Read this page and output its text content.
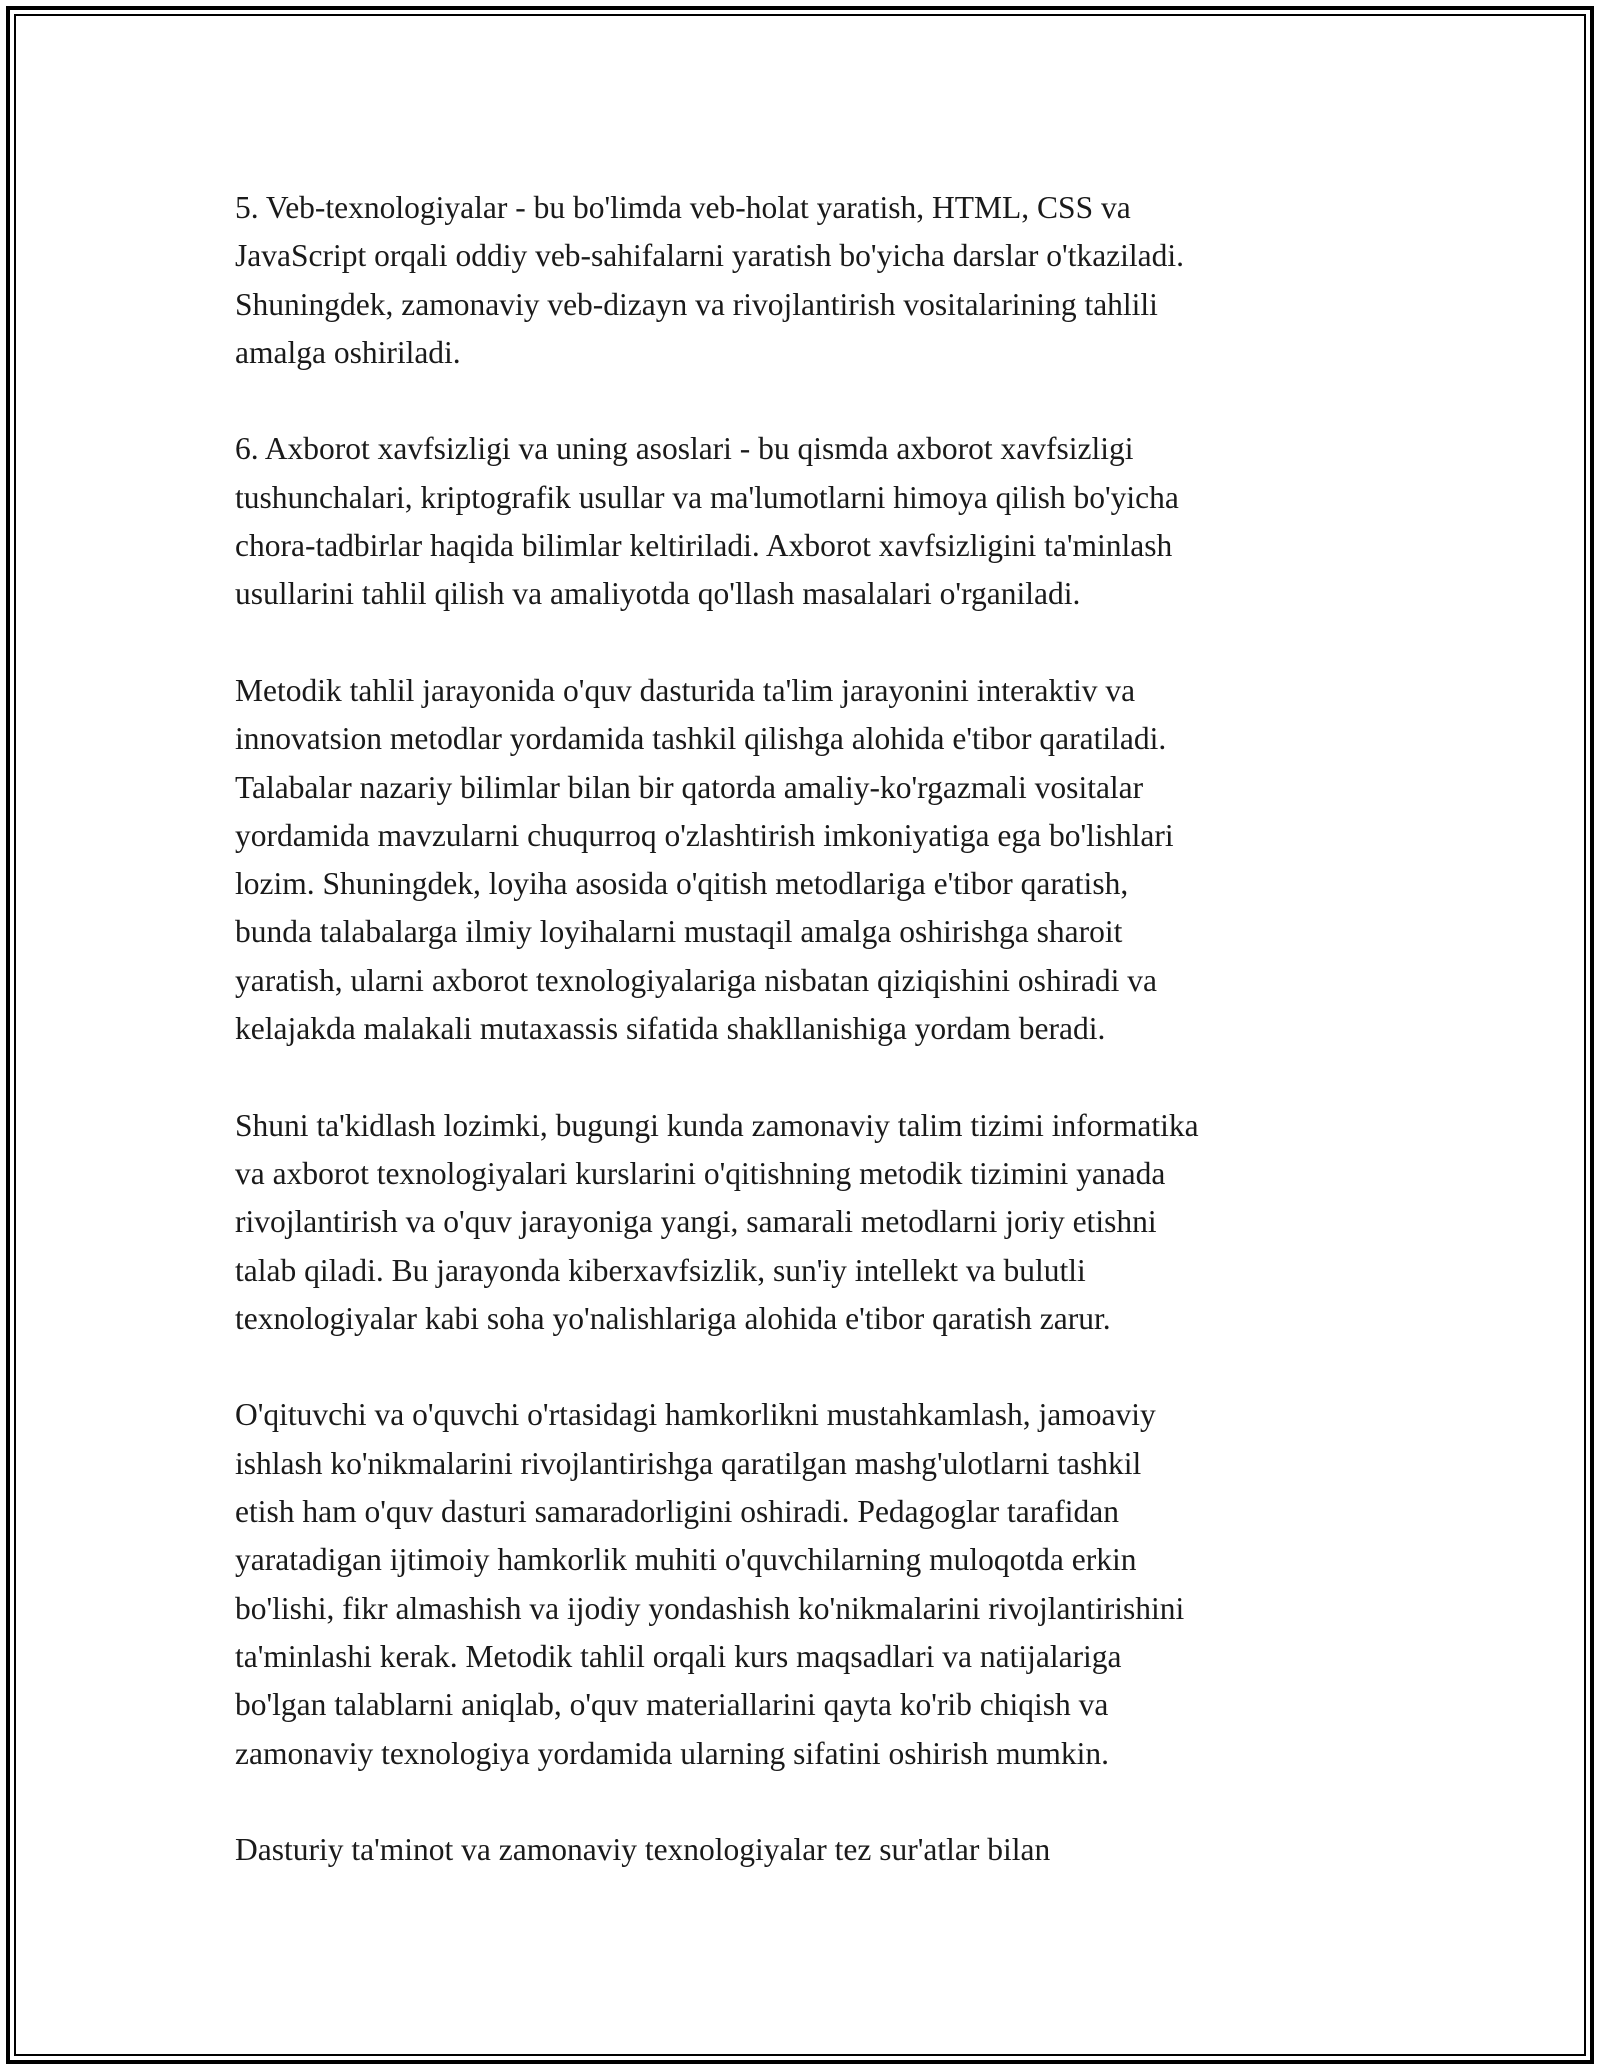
5. Veb-texnologiyalar - bu bo'limda veb-holat yaratish, HTML, CSS va
JavaScript orqali oddiy veb-sahifalarni yaratish bo'yicha darslar o'tkaziladi.
Shuningdek, zamonaviy veb-dizayn va rivojlantirish vositalarining tahlili
amalga oshiriladi.

6. Axborot xavfsizligi va uning asoslari - bu qismda axborot xavfsizligi
tushunchalari, kriptografik usullar va ma'lumotlarni himoya qilish bo'yicha
chora-tadbirlar haqida bilimlar keltiriladi. Axborot xavfsizligini ta'minlash
usullarini tahlil qilish va amaliyotda qo'llash masalalari o'rganiladi.

Metodik tahlil jarayonida o'quv dasturida ta'lim jarayonini interaktiv va
innovatsion metodlar yordamida tashkil qilishga alohida e'tibor qaratiladi.
Talabalar nazariy bilimlar bilan bir qatorda amaliy-ko'rgazmali vositalar
yordamida mavzularni chuqurroq o'zlashtirish imkoniyatiga ega bo'lishlari
lozim. Shuningdek, loyiha asosida o'qitish metodlariga e'tibor qaratish,
bunda talabalarga ilmiy loyihalarni mustaqil amalga oshirishga sharoit
yaratish, ularni axborot texnologiyalariga nisbatan qiziqishini oshiradi va
kelajakda malakali mutaxassis sifatida shakllanishiga yordam beradi.

Shuni ta'kidlash lozimki, bugungi kunda zamonaviy talim tizimi informatika
va axborot texnologiyalari kurslarini o'qitishning metodik tizimini yanada
rivojlantirish va o'quv jarayoniga yangi, samarali metodlarni joriy etishni
talab qiladi. Bu jarayonda kiberxavfsizlik, sun'iy intellekt va bulutli
texnologiyalar kabi soha yo'nalishlariga alohida e'tibor qaratish zarur.

O'qituvchi va o'quvchi o'rtasidagi hamkorlikni mustahkamlash, jamoaviy
ishlash ko'nikmalarini rivojlantirishga qaratilgan mashg'ulotlarni tashkil
etish ham o'quv dasturi samaradorligini oshiradi. Pedagoglar tarafidan
yaratadigan ijtimoiy hamkorlik muhiti o'quvchilarning muloqotda erkin
bo'lishi, fikr almashish va ijodiy yondashish ko'nikmalarini rivojlantirishini
ta'minlashi kerak. Metodik tahlil orqali kurs maqsadlari va natijalariga
bo'lgan talablarni aniqlab, o'quv materiallarini qayta ko'rib chiqish va
zamonaviy texnologiya yordamida ularning sifatini oshirish mumkin.

Dasturiy ta'minot va zamonaviy texnologiyalar tez sur'atlar bilan
